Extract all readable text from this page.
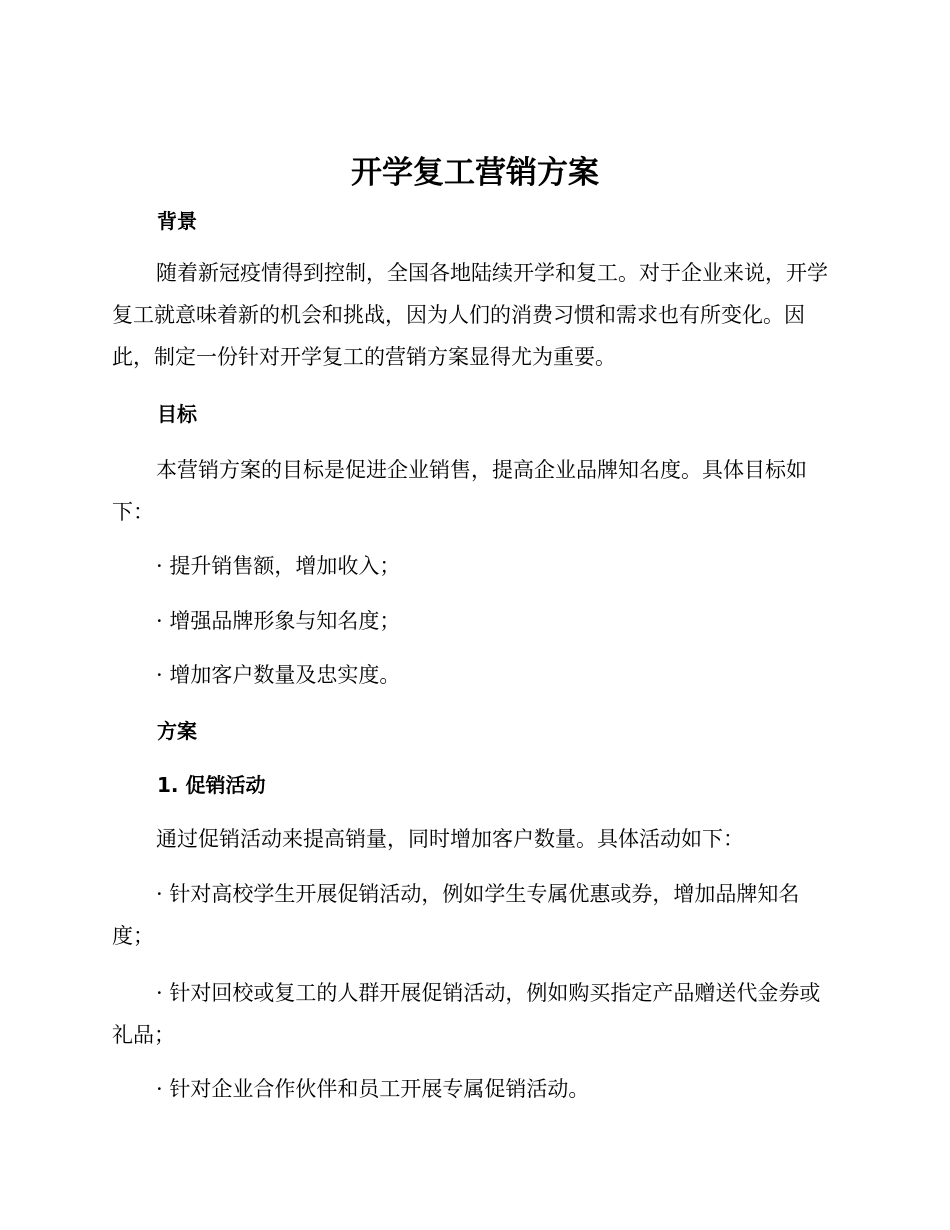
开学复工营销方案
背景

随着新冠疫情得到控制，全国各地陆续开学和复工。对于企业来说，开学复工就意味着新的机会和挑战，因为人们的消费习惯和需求也有所变化。因此，制定一份针对开学复工的营销方案显得尤为重要。

目标

本营销方案的目标是促进企业销售，提高企业品牌知名度。具体目标如下：

· 提升销售额，增加收入；

· 增强品牌形象与知名度；

· 增加客户数量及忠实度。

方案
1. 促销活动

通过促销活动来提高销量，同时增加客户数量。具体活动如下：

· 针对高校学生开展促销活动，例如学生专属优惠或券，增加品牌知名度；

· 针对回校或复工的人群开展促销活动，例如购买指定产品赠送代金券或礼品；

· 针对企业合作伙伴和员工开展专属促销活动。
